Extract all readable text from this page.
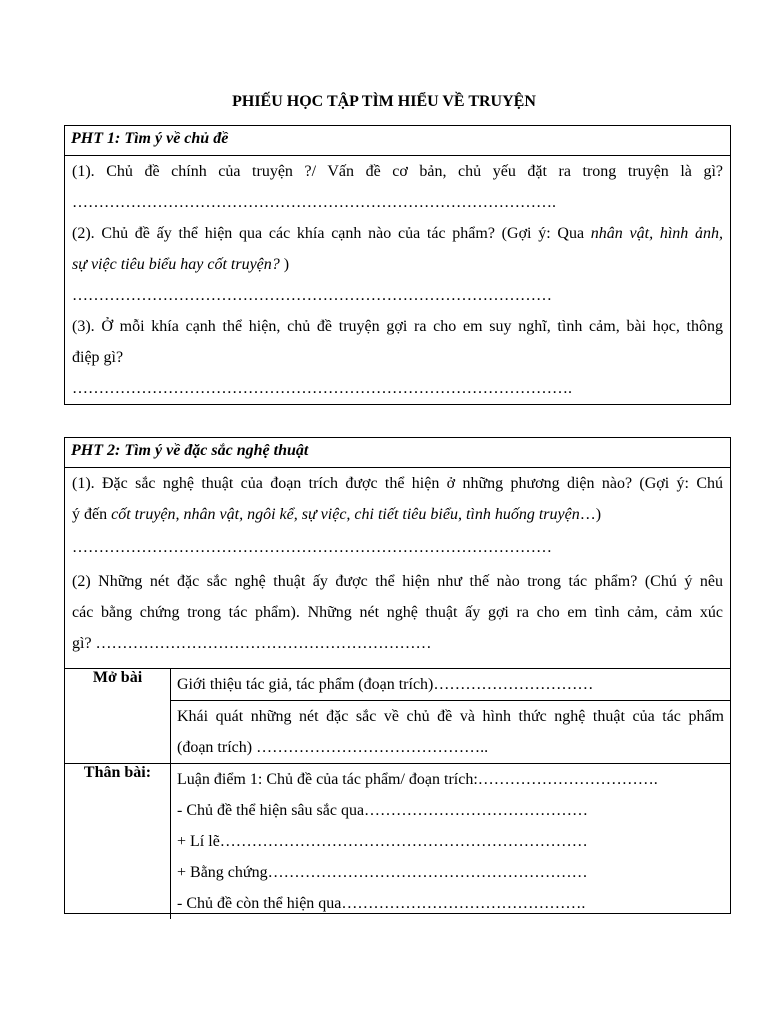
PHIẾU HỌC TẬP TÌM HIỂU VỀ TRUYỆN
PHT 1: Tìm ý về chủ đề
(1). Chủ đề chính của truyện ?/ Vấn đề cơ bản, chủ yếu đặt ra trong truyện là gì?
……………………………………………………………………………….
(2). Chủ đề ấy thể hiện qua các khía cạnh nào của tác phẩm? (Gợi ý: Qua nhân vật, hình ảnh,
sự việc tiêu biểu hay cốt truyện? )
………………………………………………………………………………
(3). Ở mỗi khía cạnh thể hiện, chủ đề truyện gợi ra cho em suy nghĩ, tình cảm, bài học, thông
điệp gì?
………………………………………………………………………………….
PHT 2: Tìm ý về đặc sắc nghệ thuật
(1). Đặc sắc nghệ thuật của đoạn trích được thể hiện ở những phương diện nào? (Gợi ý: Chú
ý đến cốt truyện, nhân vật, ngôi kể, sự việc, chi tiết tiêu biểu, tình huống truyện…)
………………………………………………………………………………
(2) Những nét đặc sắc nghệ thuật ấy được thể hiện như thế nào trong tác phẩm? (Chú ý nêu
các bằng chứng trong tác phẩm). Những nét nghệ thuật ấy gợi ra cho em tình cảm, cảm xúc
gì? ………………………………………………………
Mở bài	Giới thiệu tác giả, tác phẩm (đoạn trích)…………………………

	Khái quát những nét đặc sắc về chủ đề và hình thức nghệ thuật của tác phẩm
(đoạn trích) ……………………………………..

Thân bài:	Luận điểm 1: Chủ đề của tác phẩm/ đoạn trích:…………………………….
- Chủ đề thể hiện sâu sắc qua……………………………………
+ Lí lẽ……………………………………………………………
+ Bằng chứng……………………………………………………
- Chủ đề còn thể hiện qua……………………………………….
